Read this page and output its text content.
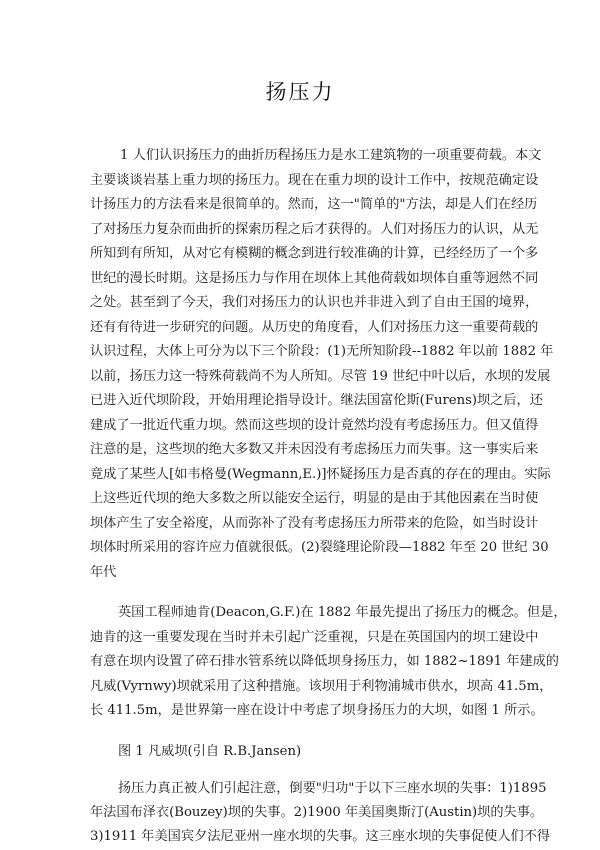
扬压力
1 人们认识扬压力的曲折历程扬压力是水工建筑物的一项重要荷载。本文
主要谈谈岩基上重力坝的扬压力。现在在重力坝的设计工作中，按规范确定设
计扬压力的方法看来是很简单的。然而，这一"简单的"方法，却是人们在经历
了对扬压力复杂而曲折的探索历程之后才获得的。人们对扬压力的认识，从无
所知到有所知，从对它有模糊的概念到进行较准确的计算，已经经历了一个多
世纪的漫长时期。这是扬压力与作用在坝体上其他荷载如坝体自重等迥然不同
之处。甚至到了今天，我们对扬压力的认识也并非进入到了自由王国的境界，
还有有待进一步研究的问题。从历史的角度看，人们对扬压力这一重要荷载的
认识过程，大体上可分为以下三个阶段：(1)无所知阶段--1882 年以前 1882 年
以前，扬压力这一特殊荷载尚不为人所知。尽管 19 世纪中叶以后，水坝的发展
已进入近代坝阶段，开始用理论指导设计。继法国富伦斯(Furens)坝之后，还
建成了一批近代重力坝。然而这些坝的设计竟然均没有考虑扬压力。但又值得
注意的是，这些坝的绝大多数又并未因没有考虑扬压力而失事。这一事实后来
竟成了某些人[如韦格曼(Wegmann,E.)]怀疑扬压力是否真的存在的理由。实际
上这些近代坝的绝大多数之所以能安全运行，明显的是由于其他因素在当时使
坝体产生了安全裕度，从而弥补了没有考虑扬压力所带来的危险，如当时设计
坝体时所采用的容许应力值就很低。(2)裂缝理论阶段—1882 年至 20 世纪 30
年代
英国工程师迪肯(Deacon,G.F.)在 1882 年最先提出了扬压力的概念。但是，
迪肯的这一重要发现在当时并未引起广泛重视，只是在英国国内的坝工建设中
有意在坝内设置了碎石排水管系统以降低坝身扬压力，如 1882~1891 年建成的
凡威(Vyrnwy)坝就采用了这种措施。该坝用于利物浦城市供水，坝高 41.5m，
长 411.5m，是世界第一座在设计中考虑了坝身扬压力的大坝，如图 1 所示。
图 1 凡威坝(引自 R.B.Jansen)
扬压力真正被人们引起注意，倒要"归功"于以下三座水坝的失事：1)1895
年法国布泽衣(Bouzey)坝的失事。2)1900 年美国奥斯汀(Austin)坝的失事。
3)1911 年美国宾夕法尼亚州一座水坝的失事。这三座水坝的失事促使人们不得
